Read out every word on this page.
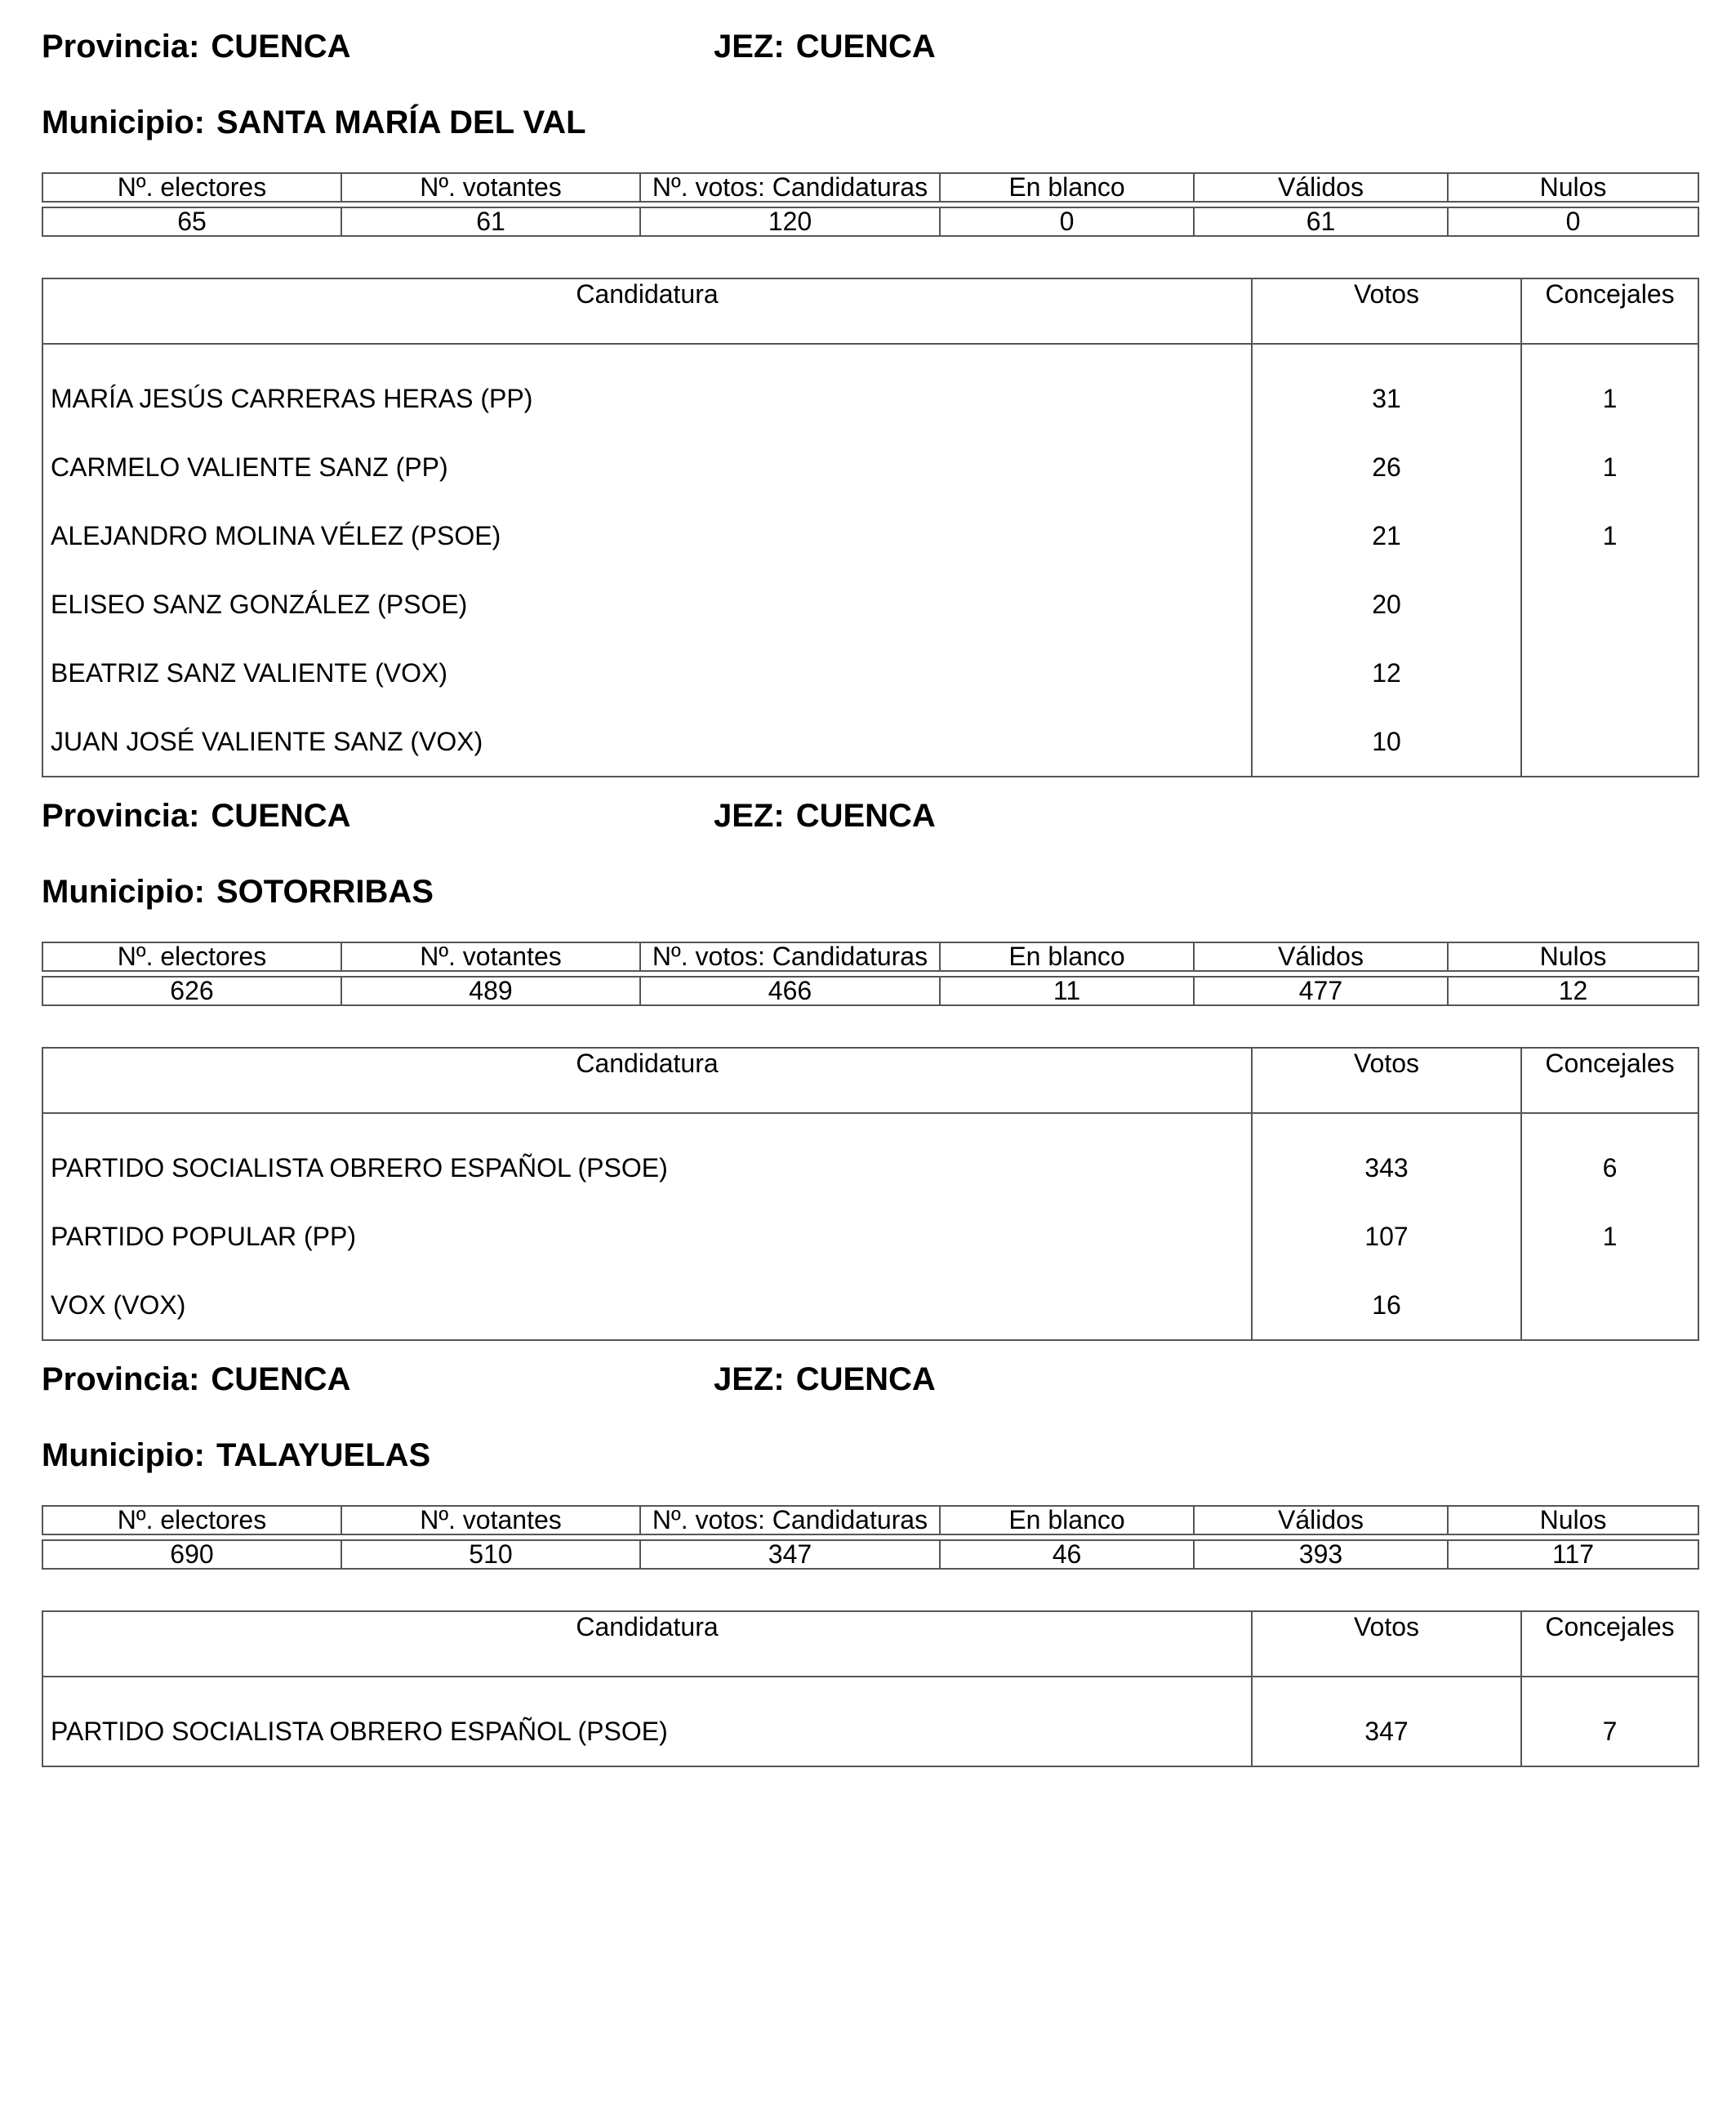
Provincia: CUENCA	JEZ: CUENCA
Municipio: SANTA MARÍA DEL VAL
Nº. electores	Nº. votantes	Nº. votos: Candidaturas	En blanco	Válidos	Nulos
65	61	120	0	61	0
Candidatura	Votos	Concejales
MARÍA JESÚS CARRERAS HERAS (PP)	31	1
CARMELO VALIENTE SANZ (PP)	26	1
ALEJANDRO MOLINA VÉLEZ (PSOE)	21	1
ELISEO SANZ GONZÁLEZ (PSOE)	20
BEATRIZ SANZ VALIENTE (VOX)	12
JUAN JOSÉ VALIENTE SANZ (VOX)	10
Provincia: CUENCA	JEZ: CUENCA
Municipio: SOTORRIBAS
Nº. electores	Nº. votantes	Nº. votos: Candidaturas	En blanco	Válidos	Nulos
626	489	466	11	477	12
Candidatura	Votos	Concejales
PARTIDO SOCIALISTA OBRERO ESPAÑOL (PSOE)	343	6
PARTIDO POPULAR (PP)	107	1
VOX (VOX)	16
Provincia: CUENCA	JEZ: CUENCA
Municipio: TALAYUELAS
Nº. electores	Nº. votantes	Nº. votos: Candidaturas	En blanco	Válidos	Nulos
690	510	347	46	393	117
Candidatura	Votos	Concejales
PARTIDO SOCIALISTA OBRERO ESPAÑOL (PSOE)	347	7
